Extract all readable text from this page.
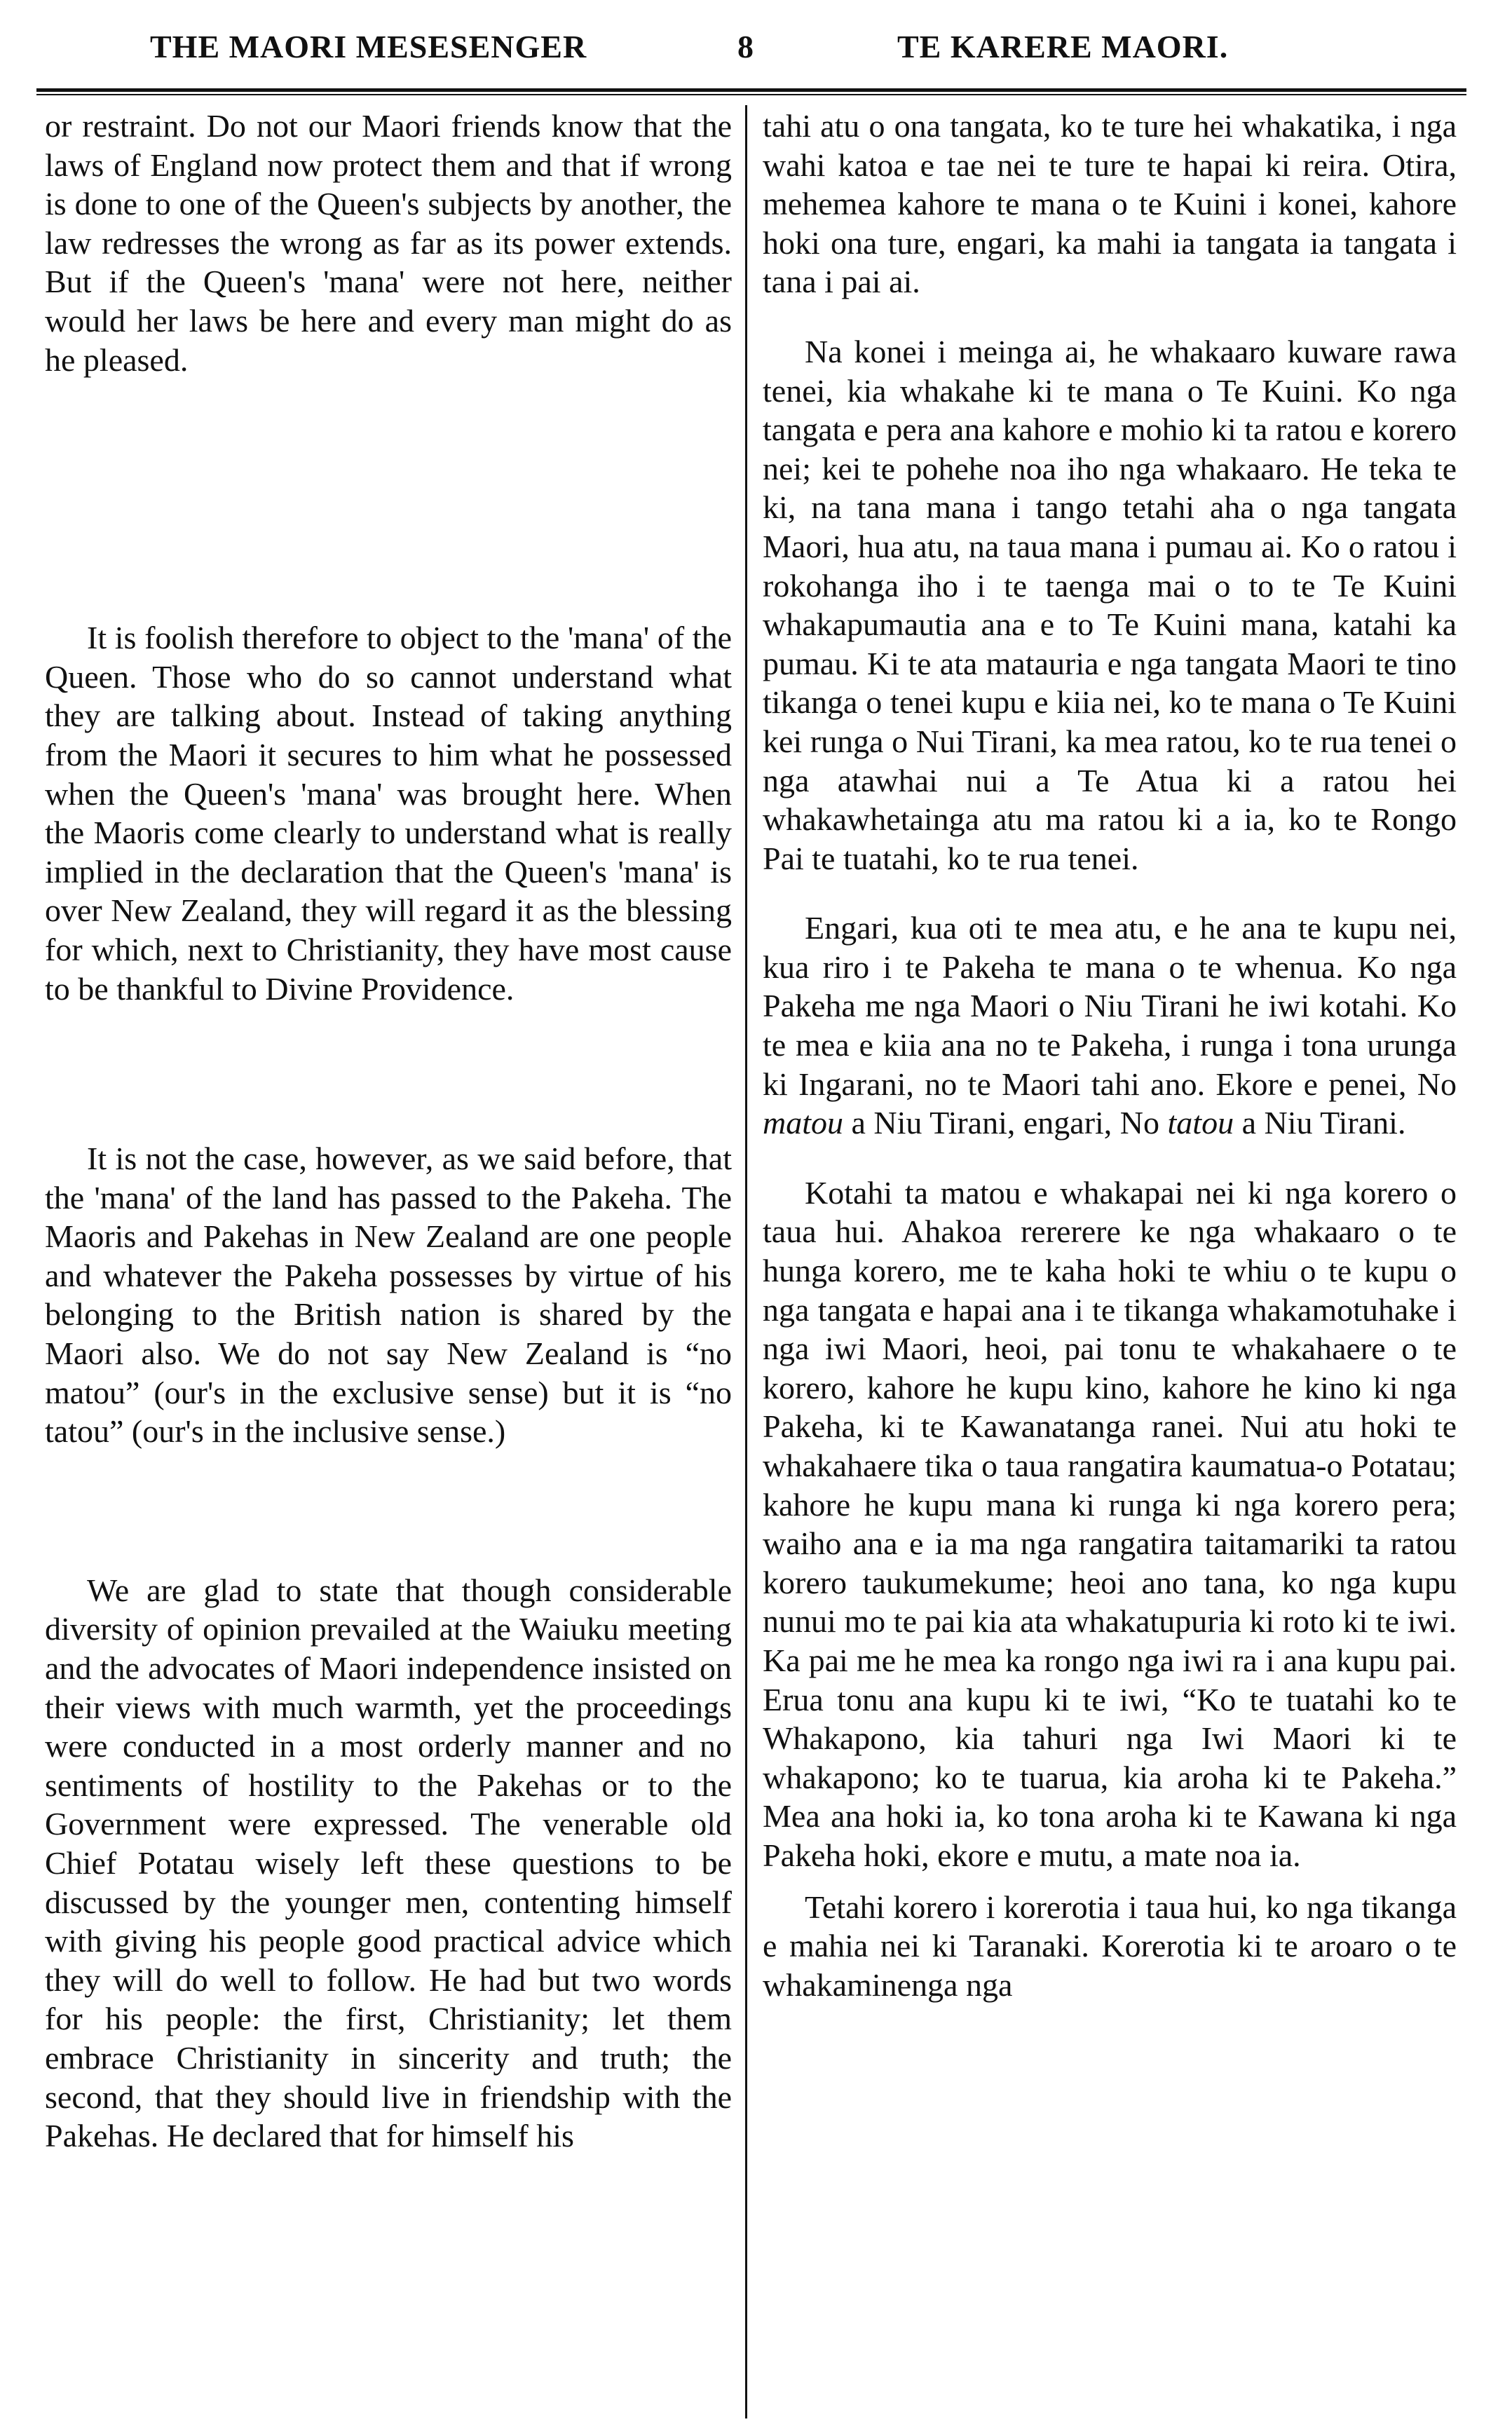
THE MAORI MESESENGER	8	TE KARERE MAORI.

or restraint. Do not our Maori friends know that the laws of England now protect them and that if wrong is done to one of the Queen's subjects by another, the law redresses the wrong as far as its power extends. But if the Queen's 'mana' were not here, neither would her laws be here and every man might do as he pleased.

It is foolish therefore to object to the 'mana' of the Queen. Those who do so cannot understand what they are talking about. Instead of taking anything from the Maori it secures to him what he possessed when the Queen's 'mana' was brought here. When the Maoris come clearly to understand what is really implied in the declaration that the Queen's 'mana' is over New Zealand, they will regard it as the blessing for which, next to Christianity, they have most cause to be thankful to Divine Providence.

It is not the case, however, as we said before, that the 'mana' of the land has passed to the Pakeha. The Maoris and Pakehas in New Zealand are one people and whatever the Pakeha possesses by virtue of his belonging to the British nation is shared by the Maori also. We do not say New Zealand is “no matou” (our's in the exclusive sense) but it is “no tatou” (our's in the inclusive sense.)

We are glad to state that though considerable diversity of opinion prevailed at the Waiuku meeting and the advocates of Maori independence insisted on their views with much warmth, yet the proceedings were conducted in a most orderly manner and no sentiments of hostility to the Pakehas or to the Government were expressed. The venerable old Chief Potatau wisely left these questions to be discussed by the younger men, contenting himself with giving his people good practical advice which they will do well to follow. He had but two words for his people: the first, Christianity; let them embrace Christianity in sincerity and truth; the second, that they should live in friendship with the Pakehas. He declared that for himself his

tahi atu o ona tangata, ko te ture hei whakatika, i nga wahi katoa e tae nei te ture te hapai ki reira. Otira, mehemea kahore te mana o te Kuini i konei, kahore hoki ona ture, engari, ka mahi ia tangata ia tangata i tana i pai ai.

Na konei i meinga ai, he whakaaro kuware rawa tenei, kia whakahe ki te mana o Te Kuini. Ko nga tangata e pera ana kahore e mohio ki ta ratou e korero nei; kei te pohehe noa iho nga whakaaro. He teka te ki, na tana mana i tango tetahi aha o nga tangata Maori, hua atu, na taua mana i pumau ai. Ko o ratou i rokohanga iho i te taenga mai o to te Te Kuini whakapumautia ana e to Te Kuini mana, katahi ka pumau. Ki te ata matauria e nga tangata Maori te tino tikanga o tenei kupu e kiia nei, ko te mana o Te Kuini kei runga o Nui Tirani, ka mea ratou, ko te rua tenei o nga atawhai nui a Te Atua ki a ratou hei whakawhetainga atu ma ratou ki a ia, ko te Rongo Pai te tuatahi, ko te rua tenei.

Engari, kua oti te mea atu, e he ana te kupu nei, kua riro i te Pakeha te mana o te whenua. Ko nga Pakeha me nga Maori o Niu Tirani he iwi kotahi. Ko te mea e kiia ana no te Pakeha, i runga i tona urunga ki Ingarani, no te Maori tahi ano. Ekore e penei, No matou a Niu Tirani, engari, No tatou a Niu Tirani.

Kotahi ta matou e whakapai nei ki nga korero o taua hui. Ahakoa rererere ke nga whakaaro o te hunga korero, me te kaha hoki te whiu o te kupu o nga tangata e hapai ana i te tikanga whakamotuhake i nga iwi Maori, heoi, pai tonu te whakahaere o te korero, kahore he kupu kino, kahore he kino ki nga Pakeha, ki te Kawanatanga ranei. Nui atu hoki te whakahaere tika o taua rangatira kaumatua-o Potatau; kahore he kupu mana ki runga ki nga korero pera; waiho ana e ia ma nga rangatira taitamariki ta ratou korero taukumekume; heoi ano tana, ko nga kupu nunui mo te pai kia ata whakatupuria ki roto ki te iwi. Ka pai me he mea ka rongo nga iwi ra i ana kupu pai. Erua tonu ana kupu ki te iwi, “Ko te tuatahi ko te Whakapono, kia tahuri nga Iwi Maori ki te whakapono; ko te tuarua, kia aroha ki te Pakeha.” Mea ana hoki ia, ko tona aroha ki te Kawana ki nga Pakeha hoki, ekore e mutu, a mate noa ia.

Tetahi korero i korerotia i taua hui, ko nga tikanga e mahia nei ki Taranaki. Korerotia ki te aroaro o te whakaminenga nga
